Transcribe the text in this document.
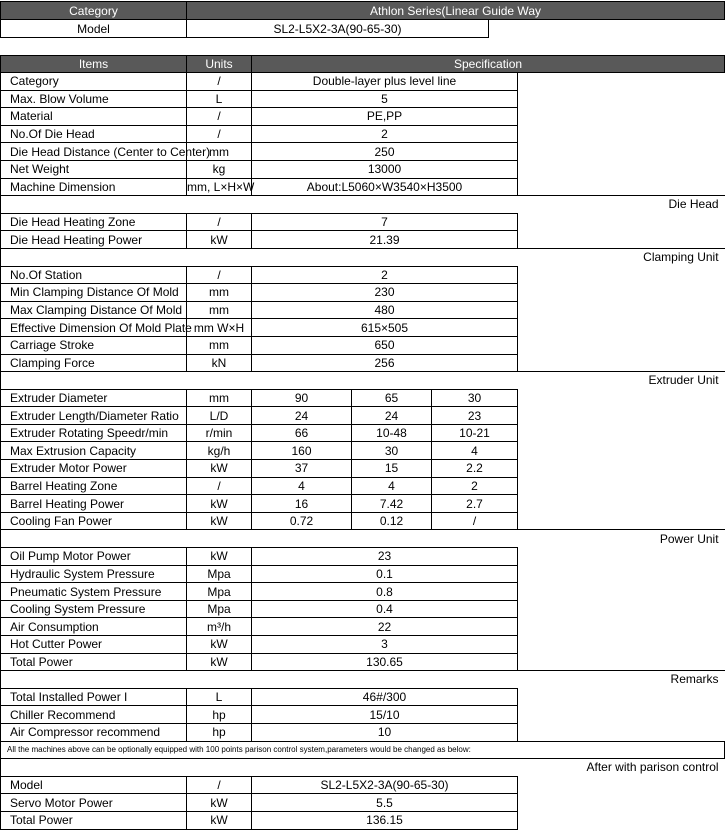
Category	Athlon Series(Linear Guide Way	
Model	SL2-L5X2-3A(90-65-30)	
Items	Units	Specification			
Category	/	Double-layer plus level line			
Max. Blow Volume	L	5			
Material	/	PE,PP			
No.Of Die Head	/	2			
Die Head Distance (Center to Center)	mm	250			
Net Weight	kg	13000			
Machine Dimension	mm, L×H×W	About:L5060×W3540×H3500			
Die Head					
Die Head Heating Zone	/	7			
Die Head Heating Power	kW	21.39			
Clamping Unit					
No.Of Station	/	2			
Min Clamping Distance Of Mold	mm	230			
Max Clamping Distance Of Mold	mm	480			
Effective Dimension Of Mold Plate	mm W×H	615×505			
Carriage Stroke	mm	650			
Clamping Force	kN	256			
Extruder Unit					
Extruder Diameter	mm	90	65	30	
Extruder Length/Diameter Ratio	L/D	24	24	23	
Extruder Rotating Speedr/min	r/min	66	10-48	10-21	
Max Extrusion Capacity	kg/h	160	30	4	
Extruder Motor Power	kW	37	15	2.2	
Barrel Heating Zone	/	4	4	2	
Barrel Heating Power	kW	16	7.42	2.7	
Cooling Fan Power	kW	0.72	0.12	/	
Power Unit					
Oil Pump Motor Power	kW	23			
Hydraulic System Pressure	Mpa	0.1			
Pneumatic System Pressure	Mpa	0.8			
Cooling System Pressure	Mpa	0.4			
Air Consumption	m³/h	22			
Hot Cutter Power	kW	3			
Total Power	kW	130.65			
Remarks					
Total Installed Power I	L	46#/300			
Chiller Recommend	hp	15/10			
Air Compressor recommend	hp	10			
All the machines above can be optionally equipped with 100 points parison control system,parameters would be changed as below:					
After with parison control					
Model	/	SL2-L5X2-3A(90-65-30)			
Servo Motor Power	kW	5.5			
Total Power	kW	136.15			
